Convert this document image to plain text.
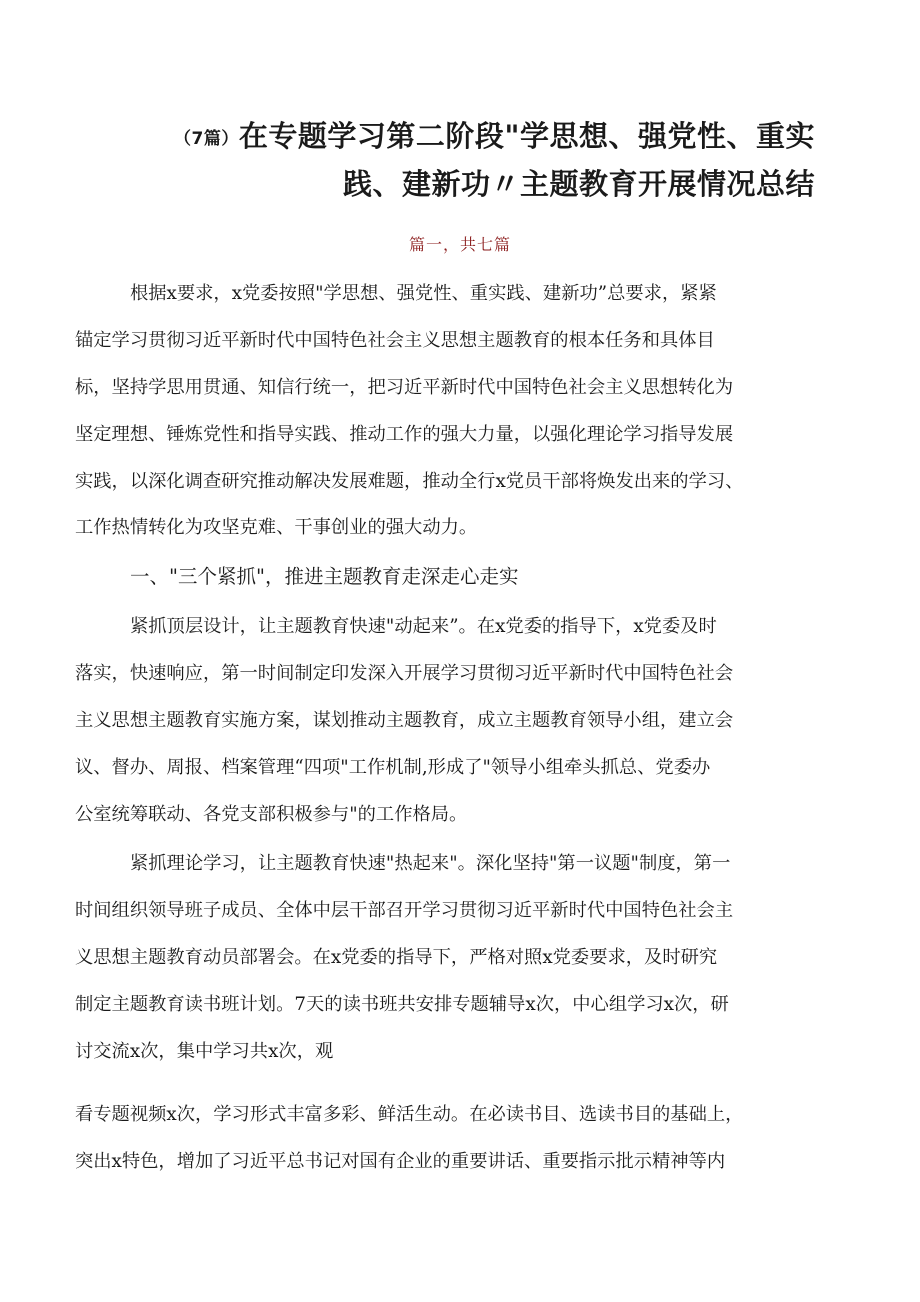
（7篇）在专题学习第二阶段"学思想、强党性、重实
践、建新功〃主题教育开展情况总结
篇一，共七篇
根据x要求，x党委按照"学思想、强党性、重实践、建新功”总要求，紧紧
锚定学习贯彻习近平新时代中国特色社会主义思想主题教育的根本任务和具体目
标，坚持学思用贯通、知信行统一，把习近平新时代中国特色社会主义思想转化为
坚定理想、锤炼党性和指导实践、推动工作的强大力量，以强化理论学习指导发展
实践，以深化调查研究推动解决发展难题，推动全行x党员干部将焕发出来的学习、
工作热情转化为攻坚克难、干事创业的强大动力。
一、"三个紧抓"，推进主题教育走深走心走实
紧抓顶层设计，让主题教育快速"动起来”。在x党委的指导下，x党委及时
落实，快速响应，第一时间制定印发深入开展学习贯彻习近平新时代中国特色社会
主义思想主题教育实施方案，谋划推动主题教育，成立主题教育领导小组，建立会
议、督办、周报、档案管理“四项"工作机制,形成了"领导小组牵头抓总、党委办
公室统筹联动、各党支部积极参与"的工作格局。
紧抓理论学习，让主题教育快速"热起来"。深化坚持"第一议题"制度，第一
时间组织领导班子成员、全体中层干部召开学习贯彻习近平新时代中国特色社会主
义思想主题教育动员部署会。在x党委的指导下，严格对照x党委要求，及时研究
制定主题教育读书班计划。7天的读书班共安排专题辅导x次，中心组学习x次，研
讨交流x次，集中学习共x次，观
看专题视频x次，学习形式丰富多彩、鲜活生动。在必读书目、选读书目的基础上，
突出x特色，增加了习近平总书记对国有企业的重要讲话、重要指示批示精神等内
